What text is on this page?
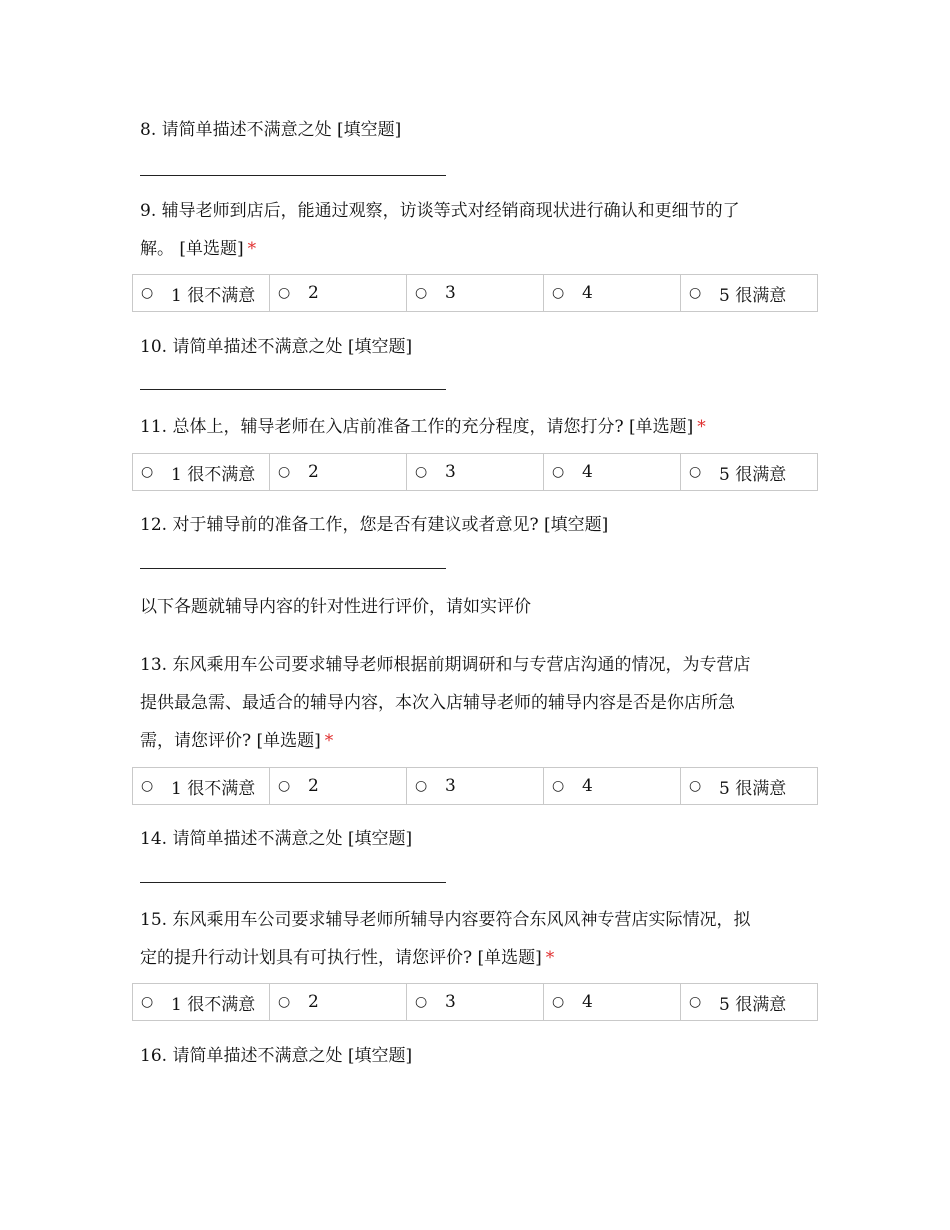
8. 请简单描述不满意之处 [填空题]
9. 辅导老师到店后，能通过观察，访谈等式对经销商现状进行确认和更细节的了
解。 [单选题] *
○	1 很不满意 ○	2	○	3	○	4	○	5 很满意
10. 请简单描述不满意之处 [填空题]
11. 总体上，辅导老师在入店前准备工作的充分程度，请您打分? [单选题] *
○	1 很不满意 ○	2	○	3	○	4	○	5 很满意
12. 对于辅导前的准备工作，您是否有建议或者意见? [填空题]
以下各题就辅导内容的针对性进行评价，请如实评价
13. 东风乘用车公司要求辅导老师根据前期调研和与专营店沟通的情况，为专营店
提供最急需、最适合的辅导内容，本次入店辅导老师的辅导内容是否是你店所急
需，请您评价? [单选题] *
○	1 很不满意 ○	2	○	3	○	4	○	5 很满意
14. 请简单描述不满意之处 [填空题]
15. 东风乘用车公司要求辅导老师所辅导内容要符合东风风神专营店实际情况，拟
定的提升行动计划具有可执行性，请您评价? [单选题] *
○	1 很不满意 ○	2	○	3	○	4	○	5 很满意
16. 请简单描述不满意之处 [填空题]
